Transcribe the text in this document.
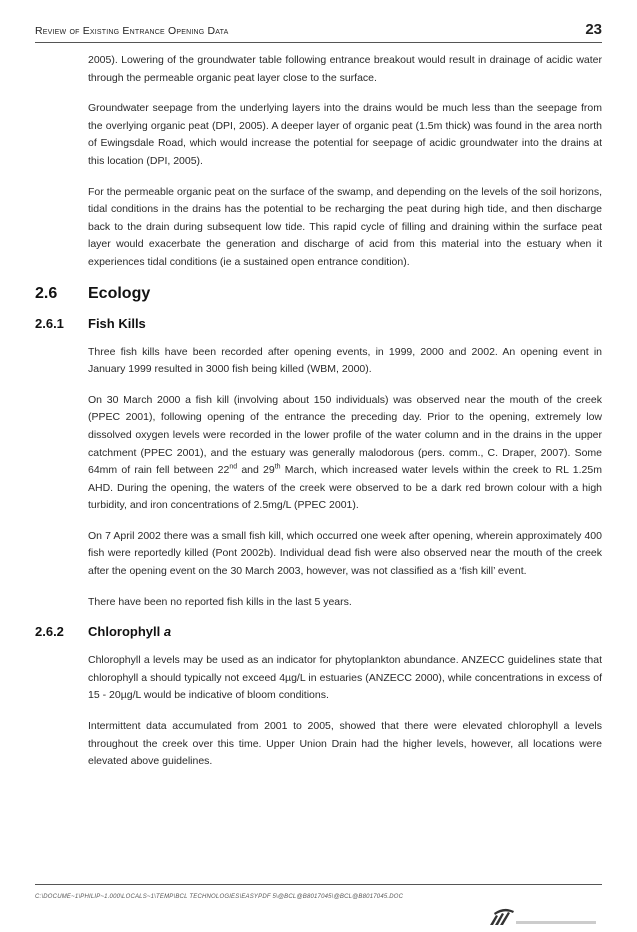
Review of Existing Entrance Opening Data	23

2005). Lowering of the groundwater table following entrance breakout would result in drainage of acidic water through the permeable organic peat layer close to the surface.

Groundwater seepage from the underlying layers into the drains would be much less than the seepage from the overlying organic peat (DPI, 2005). A deeper layer of organic peat (1.5m thick) was found in the area north of Ewingsdale Road, which would increase the potential for seepage of acidic groundwater into the drains at this location (DPI, 2005).

For the permeable organic peat on the surface of the swamp, and depending on the levels of the soil horizons, tidal conditions in the drains has the potential to be recharging the peat during high tide, and then discharge back to the drain during subsequent low tide. This rapid cycle of filling and draining within the surface peat layer would exacerbate the generation and discharge of acid from this material into the estuary when it experiences tidal conditions (ie a sustained open entrance condition).

2.6	Ecology
2.6.1	Fish Kills

Three fish kills have been recorded after opening events, in 1999, 2000 and 2002. An opening event in January 1999 resulted in 3000 fish being killed (WBM, 2000).

On 30 March 2000 a fish kill (involving about 150 individuals) was observed near the mouth of the creek (PPEC 2001), following opening of the entrance the preceding day. Prior to the opening, extremely low dissolved oxygen levels were recorded in the lower profile of the water column and in the drains in the upper catchment (PPEC 2001), and the estuary was generally malodorous (pers. comm., C. Draper, 2007). Some 64mm of rain fell between 22nd and 29th March, which increased water levels within the creek to RL 1.25m AHD. During the opening, the waters of the creek were observed to be a dark red brown colour with a high turbidity, and iron concentrations of 2.5mg/L (PPEC 2001).

On 7 April 2002 there was a small fish kill, which occurred one week after opening, wherein approximately 400 fish were reportedly killed (Pont 2002b). Individual dead fish were also observed near the mouth of the creek after the opening event on the 30 March 2003, however, was not classified as a ‘fish kill’ event.

There have been no reported fish kills in the last 5 years.

2.6.2	Chlorophyll a

Chlorophyll a levels may be used as an indicator for phytoplankton abundance. ANZECC guidelines state that chlorophyll a should typically not exceed 4µg/L in estuaries (ANZECC 2000), while concentrations in excess of 15 - 20µg/L would be indicative of bloom conditions.

Intermittent data accumulated from 2001 to 2005, showed that there were elevated chlorophyll a levels throughout the creek over this time. Upper Union Drain had the higher levels, however, all locations were elevated above guidelines.

C:\DOCUME~1\PHILIP~1.000\LOCALS~1\TEMP\BCL TECHNOLOGIES\EASYPDF 5\@BCL@B8017045\@BCL@B8017045.DOC
